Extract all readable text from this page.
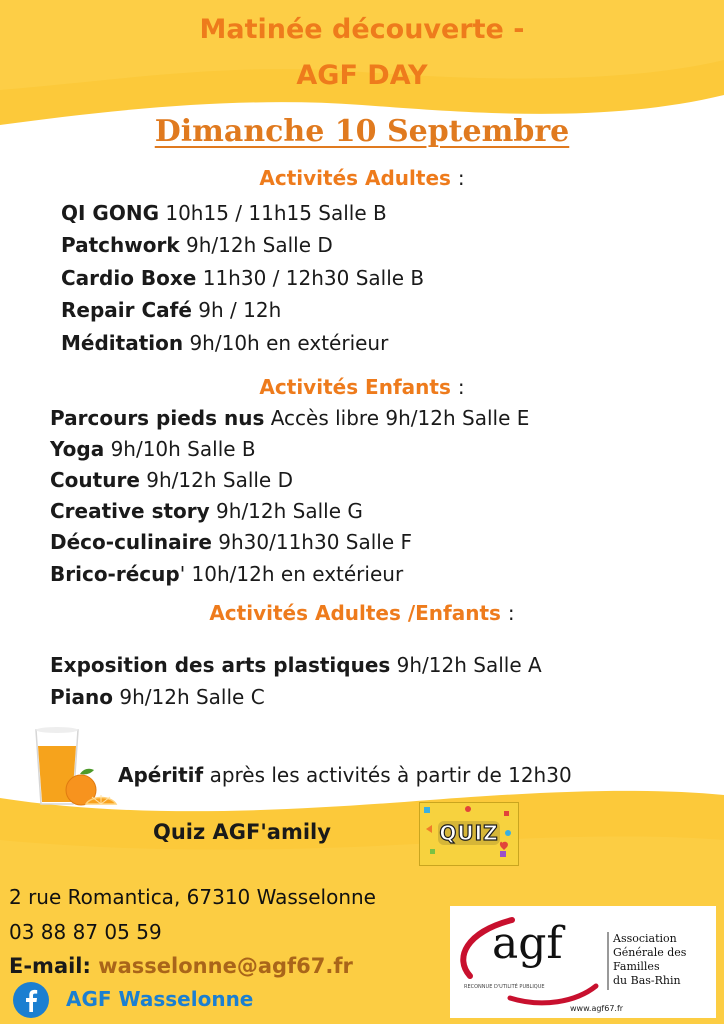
Matinée découverte -
AGF DAY
Dimanche 10 Septembre
Activités Adultes :
QI GONG 10h15 / 11h15 Salle B
Patchwork 9h/12h Salle D
Cardio Boxe 11h30 / 12h30 Salle B
Repair Café 9h / 12h
Méditation 9h/10h en extérieur
Activités Enfants :
Parcours pieds nus Accès libre 9h/12h Salle E
Yoga 9h/10h Salle B
Couture 9h/12h Salle D
Creative story 9h/12h Salle G
Déco-culinaire 9h30/11h30 Salle F
Brico-récup' 10h/12h en extérieur
Activités Adultes /Enfants :
Exposition des arts plastiques 9h/12h Salle A
Piano 9h/12h Salle C
Apéritif après les activités à partir de 12h30
Quiz AGF'amily	QUIZ
2 rue Romantica, 67310 Wasselonne
03 88 87 05 59
E-mail: wasselonne@agf67.fr
AGF Wasselonne
agf	Association
Générale des
Familles
du Bas-Rhin
RECONNUE D'UTILITÉ PUBLIQUE
www.agf67.fr
